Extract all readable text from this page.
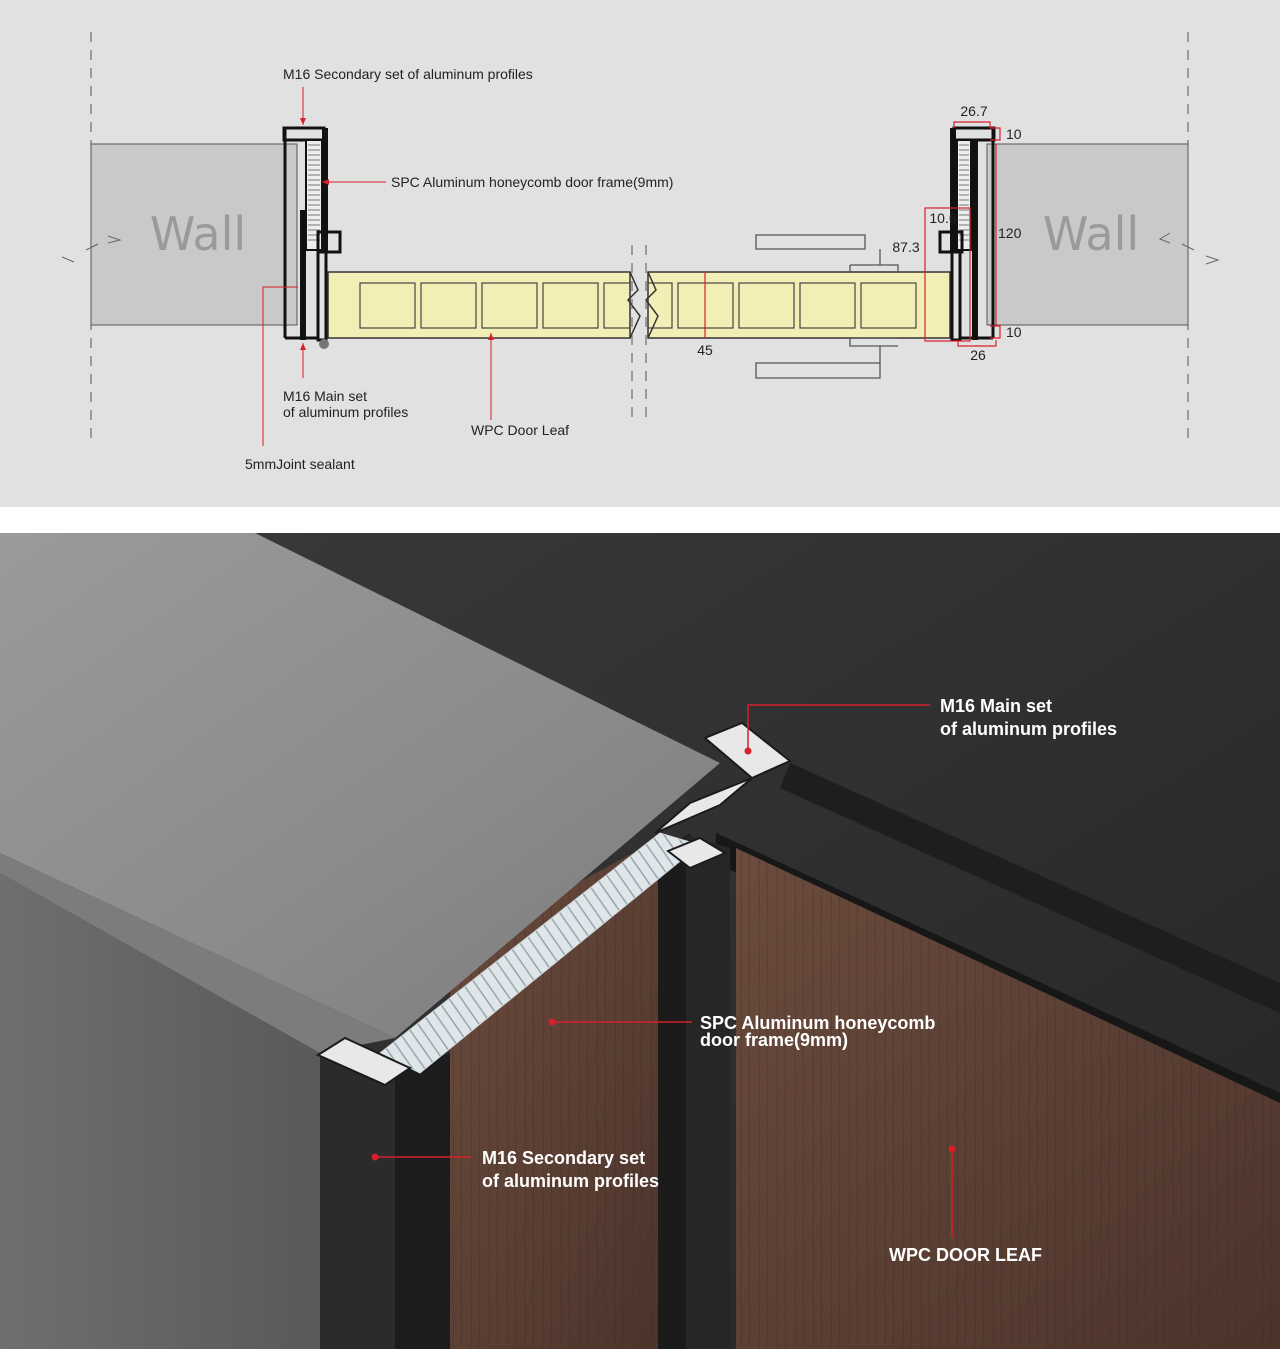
Wall	Wall
26.7
10
10.6
87.3
120
45
10
26
M16 Secondary set of aluminum profiles
SPC Aluminum honeycomb door frame(9mm)
M16 Main set
of aluminum profiles
WPC Door Leaf
5mmJoint sealant
M16 Main set
of aluminum profiles
SPC Aluminum honeycomb
door frame(9mm)
M16 Secondary set
of aluminum profiles
WPC DOOR LEAF
